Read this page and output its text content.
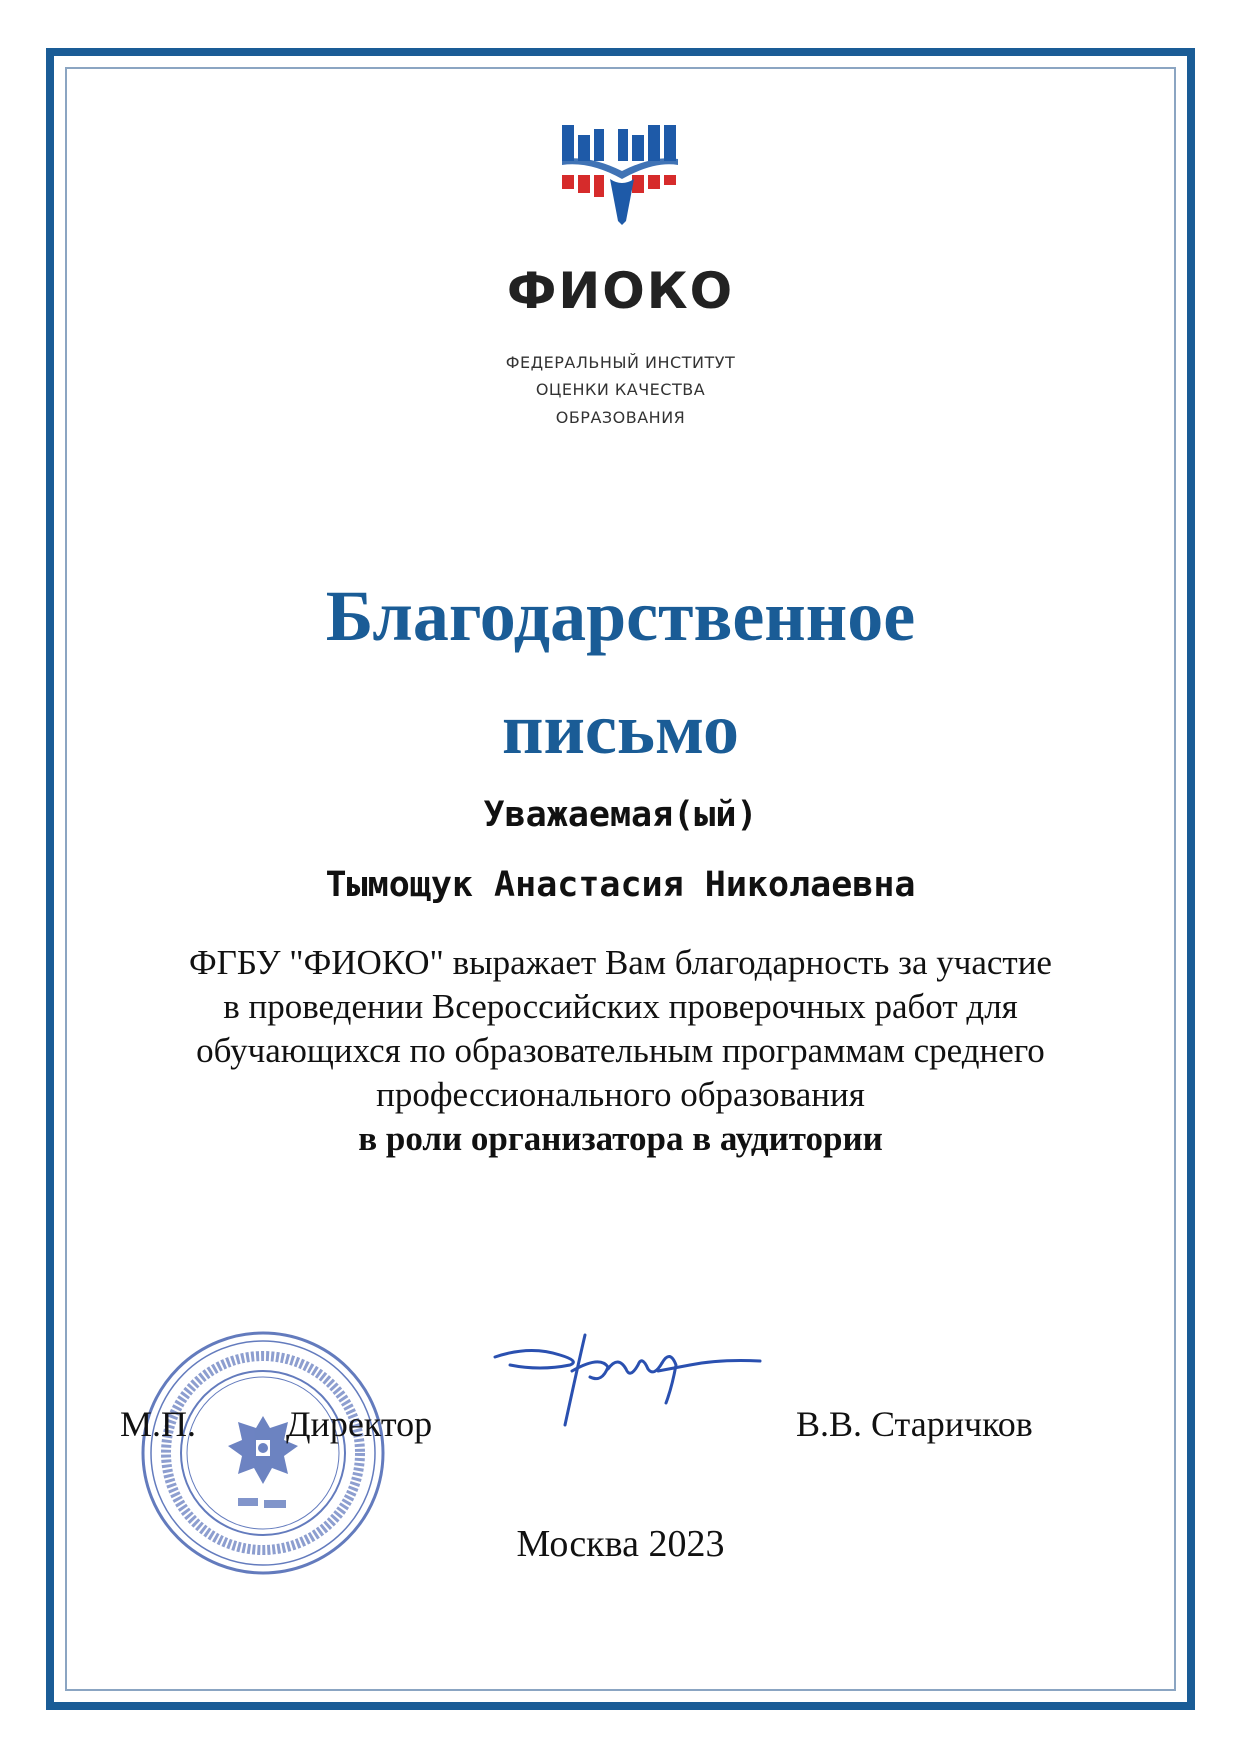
ФИОКО
ФЕДЕРАЛЬНЫЙ ИНСТИТУТ
ОЦЕНКИ КАЧЕСТВА
ОБРАЗОВАНИЯ
Благодарственное
письмо
Уважаемая(ый)
Тымощук Анастасия Николаевна
ФГБУ "ФИОКО" выражает Вам благодарность за участие
в проведении Всероссийских проверочных работ для
обучающихся по образовательным программам среднего
профессионального образования
в роли организатора в аудитории
М.П. Директор	В.В. Старичков
Москва 2023
